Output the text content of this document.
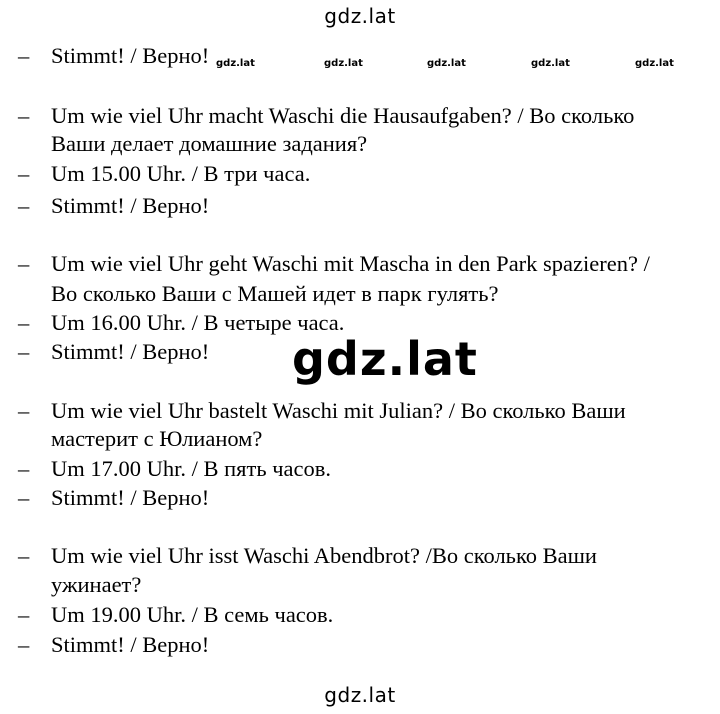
gdz.lat
gdz.lat	gdz.lat	gdz.lat	gdz.lat	gdz.lat
– Stimmt! / Верно!
– Um wie viel Uhr macht Waschi die Hausaufgaben? / Во сколько
Ваши делает домашние задания?
– Um 15.00 Uhr. / В три часа.
– Stimmt! / Верно!
– Um wie viel Uhr geht Waschi mit Mascha in den Park spazieren? /
Во сколько Ваши с Машей идет в парк гулять?
– Um 16.00 Uhr. / В четыре часа.
– Stimmt! / Верно!
– Um wie viel Uhr bastelt Waschi mit Julian? / Во сколько Ваши
мастерит с Юлианом?
– Um 17.00 Uhr. / В пять часов.
– Stimmt! / Верно!
– Um wie viel Uhr isst Waschi Abendbrot? /Во сколько Ваши
ужинает?
– Um 19.00 Uhr. / В семь часов.
– Stimmt! / Верно!
gdz.lat
gdz.lat
